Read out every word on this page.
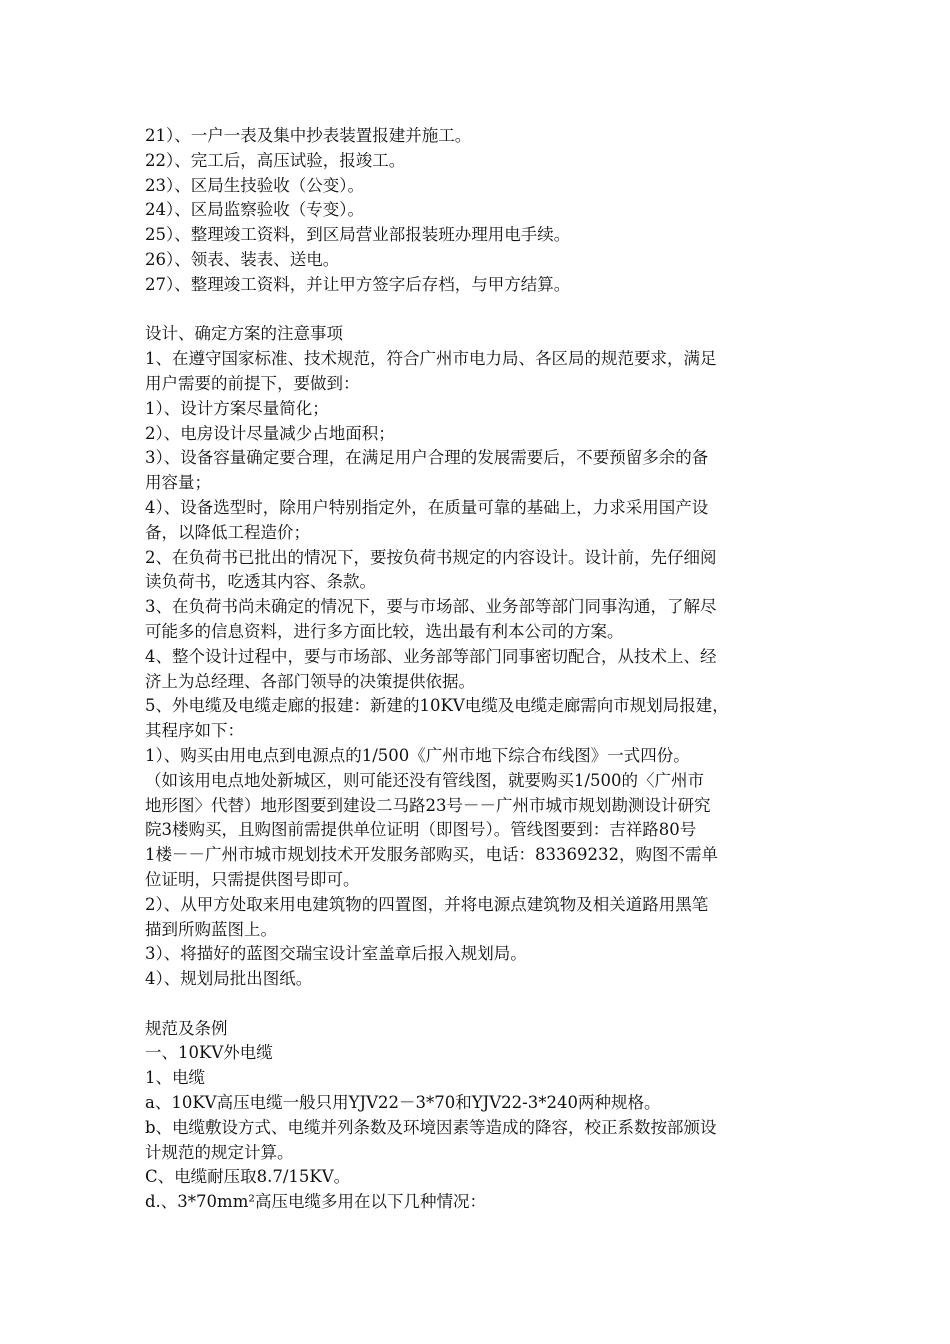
21）、一户一表及集中抄表装置报建并施工。
22）、完工后，高压试验，报竣工。
23）、区局生技验收（公变）。
24）、区局监察验收（专变）。
25）、整理竣工资料，到区局营业部报装班办理用电手续。
26）、领表、装表、送电。
27）、整理竣工资料，并让甲方签字后存档，与甲方结算。
设计、确定方案的注意事项
1、在遵守国家标准、技术规范，符合广州市电力局、各区局的规范要求，满足
用户需要的前提下，要做到：
1）、设计方案尽量简化；
2）、电房设计尽量减少占地面积；
3）、设备容量确定要合理，在满足用户合理的发展需要后，不要预留多余的备
用容量；
4）、设备选型时，除用户特别指定外，在质量可靠的基础上，力求采用国产设
备，以降低工程造价；
2、在负荷书已批出的情况下，要按负荷书规定的内容设计。设计前，先仔细阅
读负荷书，吃透其内容、条款。
3、在负荷书尚未确定的情况下，要与市场部、业务部等部门同事沟通，了解尽
可能多的信息资料，进行多方面比较，选出最有利本公司的方案。
4、整个设计过程中，要与市场部、业务部等部门同事密切配合，从技术上、经
济上为总经理、各部门领导的决策提供依据。
5、外电缆及电缆走廊的报建：新建的10KV电缆及电缆走廊需向市规划局报建，
其程序如下：
1）、购买由用电点到电源点的1/500《广州市地下综合布线图》一式四份。
（如该用电点地处新城区，则可能还没有管线图，就要购买1/500的〈广州市
地形图〉代替）地形图要到建设二马路23号－－广州市城市规划勘测设计研究
院3楼购买，且购图前需提供单位证明（即图号）。管线图要到：吉祥路80号
1楼－－广州市城市规划技术开发服务部购买，电话：83369232，购图不需单
位证明，只需提供图号即可。
2）、从甲方处取来用电建筑物的四置图，并将电源点建筑物及相关道路用黑笔
描到所购蓝图上。
3）、将描好的蓝图交瑞宝设计室盖章后报入规划局。
4）、规划局批出图纸。
规范及条例
一、10KV外电缆
1、电缆
a、10KV高压电缆一般只用YJV22－3*70和YJV22-3*240两种规格。
b、电缆敷设方式、电缆并列条数及环境因素等造成的降容，校正系数按部颁设
计规范的规定计算。
C、电缆耐压取8.7/15KV。
d.、3*70mm²高压电缆多用在以下几种情况：
